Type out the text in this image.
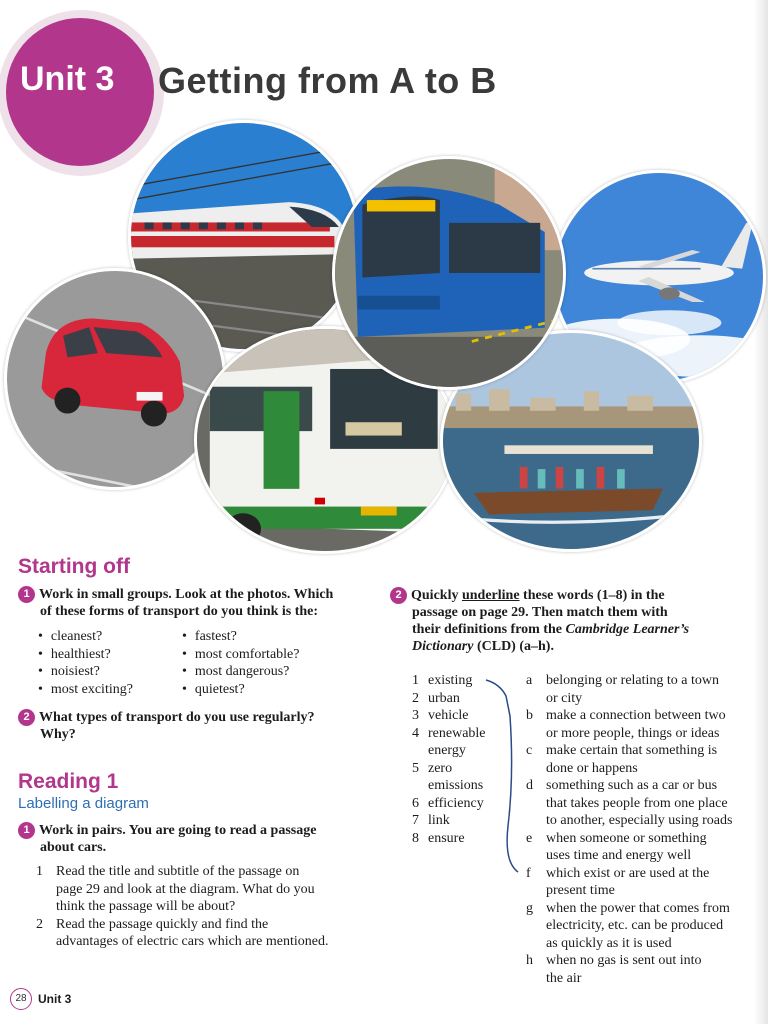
Unit 3 Getting from A to B
Starting off
1 Work in small groups. Look at the photos. Which
of these forms of transport do you think is the:
• cleanest?
• healthiest?
• noisiest?
• most exciting?
• fastest?
• most comfortable?
• most dangerous?
• quietest?
2 What types of transport do you use regularly?
Why?
Reading 1
Labelling a diagram
1 Work in pairs. You are going to read a passage
about cars.
1 Read the title and subtitle of the passage on
page 29 and look at the diagram. What do you
think the passage will be about?
2 Read the passage quickly and find the
advantages of electric cars which are mentioned.
2 Quickly underline these words (1–8) in the
passage on page 29. Then match them with
their definitions from the Cambridge Learner’s
Dictionary (CLD) (a–h).
1 existing
2 urban
3 vehicle
4 renewable
energy
5 zero
emissions
6 efficiency
7 link
8 ensure
a belonging or relating to a town
or city
b make a connection between two
or more people, things or ideas
c make certain that something is
done or happens
d something such as a car or bus
that takes people from one place
to another, especially using roads
e when someone or something
uses time and energy well
f	which exist or are used at the
present time
g when the power that comes from
electricity, etc. can be produced
as quickly as it is used
h when no gas is sent out into
the air
28 Unit 3
